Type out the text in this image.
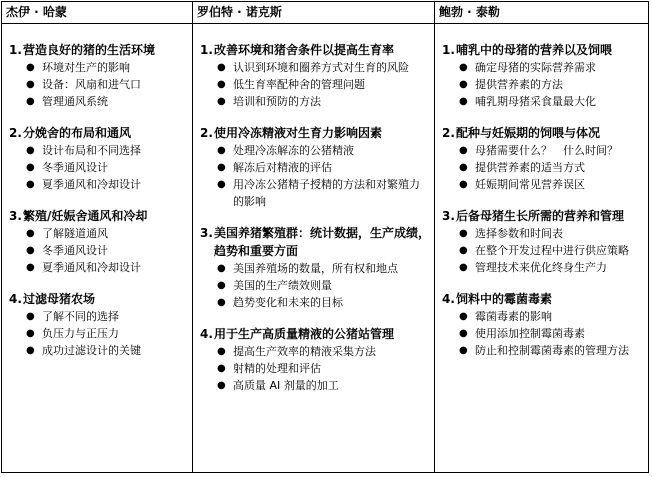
杰伊 · 哈蒙
1. 营造良好的猪的生活环境
● 环境对生产的影响
● 设备：风扇和进气口
● 管理通风系统
2. 分娩舍的布局和通风
● 设计布局和不同选择
● 冬季通风设计
● 夏季通风和冷却设计
3. 繁殖/妊娠舍通风和冷却
● 了解隧道通风
● 冬季通风设计
● 夏季通风和冷却设计
4. 过滤母猪农场
● 了解不同的选择
● 负压力与正压力
● 成功过滤设计的关键
罗伯特 · 诺克斯
1. 改善环境和猪舍条件以提高生育率
● 认识到环境和圈养方式对生育的风险
● 低生育率配种舍的管理问题
● 培训和预防的方法
2. 使用冷冻精液对生育力影响因素
● 处理冷冻解冻的公猪精液
● 解冻后对精液的评估
● 用冷冻公猪精子授精的方法和对繁殖力的影响
3. 美国养猪繁殖群：统计数据，生产成绩，趋势和重要方面
● 美国养殖场的数量，所有权和地点
● 美国的生产绩效则量
● 趋势变化和未来的目标
4. 用于生产高质量精液的公猪站管理
● 提高生产效率的精液采集方法
● 射精的处理和评估
● 高质量 AI 剂量的加工
鲍勃 · 泰勒
1. 哺乳中的母猪的营养以及饲喂
● 确定母猪的实际营养需求
● 提供营养素的方法
● 哺乳期母猪采食量最大化
2. 配种与妊娠期的饲喂与体况
● 母猪需要什么？　什么时间？
● 提供营养素的适当方式
● 妊娠期间常见营养误区
3. 后备母猪生长所需的营养和管理
● 选择参数和时间表
● 在整个开发过程中进行供应策略
● 管理技术来优化终身生产力
4. 饲料中的霉菌毒素
● 霉菌毒素的影响
● 使用添加控制霉菌毒素
● 防止和控制霉菌毒素的管理方法
